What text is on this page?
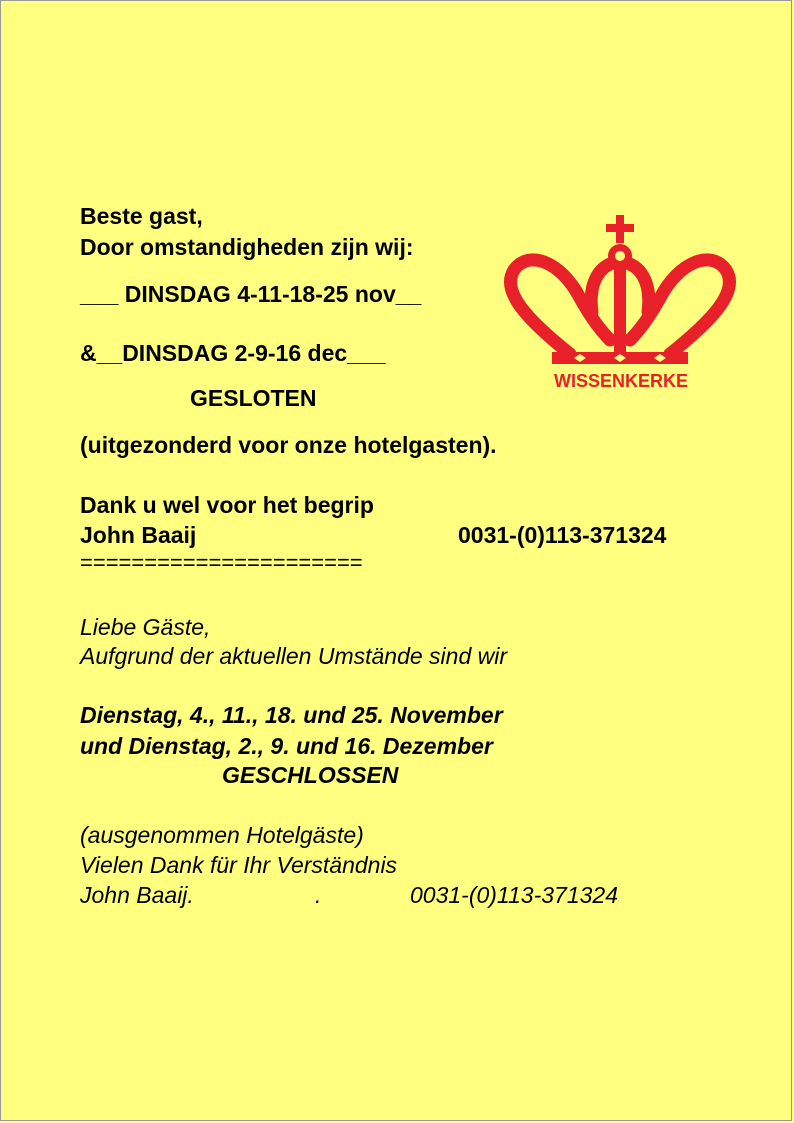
Beste gast,
Door omstandigheden zijn wij:
___ DINSDAG 4-11-18-25 nov__
&__DINSDAG 2-9-16 dec___
GESLOTEN
(uitgezonderd voor onze hotelgasten).
Dank u wel voor het begrip
John Baaij	0031-(0)113-371324
======================
Liebe Gäste,
Aufgrund der aktuellen Umstände sind wir
Dienstag, 4., 11., 18. und 25. November
und Dienstag, 2., 9. und 16. Dezember
GESCHLOSSEN
(ausgenommen Hotelgäste)
Vielen Dank für Ihr Verständnis
John Baaij.	.	0031-(0)113-371324
WISSENKERKE
